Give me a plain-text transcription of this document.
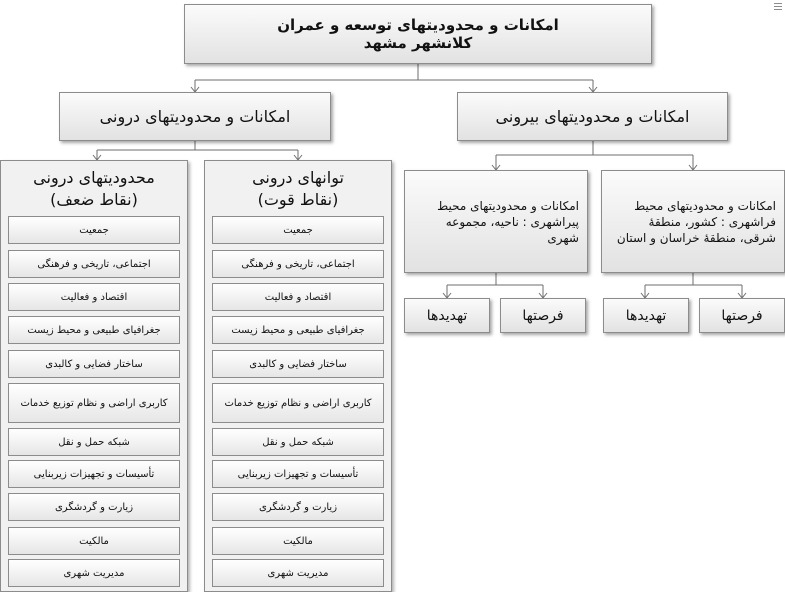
امکانات و محدودیتهای توسعه و عمران
کلانشهر مشهد
امکانات و محدودیتهای درونی	امکانات و محدودیتهای بیرونی
امکانات و محدودیتهای محیط پیراشهری : ناحیه، مجموعه شهری
امکانات و محدودیتهای محیط فراشهری : کشور، منطقۀ شرقی، منطقۀ خراسان و استان
تهدیدها	فرصتها	تهدیدها	فرصتها
محدودیتهای درونی
(نقاط ضعف)
جمعیت
اجتماعی، تاریخی و فرهنگی
اقتصاد و فعالیت
جغرافیای طبیعی و محیط زیست
ساختار فضایی و کالبدی
کاربری اراضی و نظام توزیع خدمات
شبکه حمل و نقل
تأسیسات و تجهیزات زیربنایی
زیارت و گردشگری
مالکیت
مدیریت شهری
توانهای درونی
(نقاط قوت)
جمعیت
اجتماعی، تاریخی و فرهنگی
اقتصاد و فعالیت
جغرافیای طبیعی و محیط زیست
ساختار فضایی و کالبدی
کاربری اراضی و نظام توزیع خدمات
شبکه حمل و نقل
تأسیسات و تجهیزات زیربنایی
زیارت و گردشگری
مالکیت
مدیریت شهری
